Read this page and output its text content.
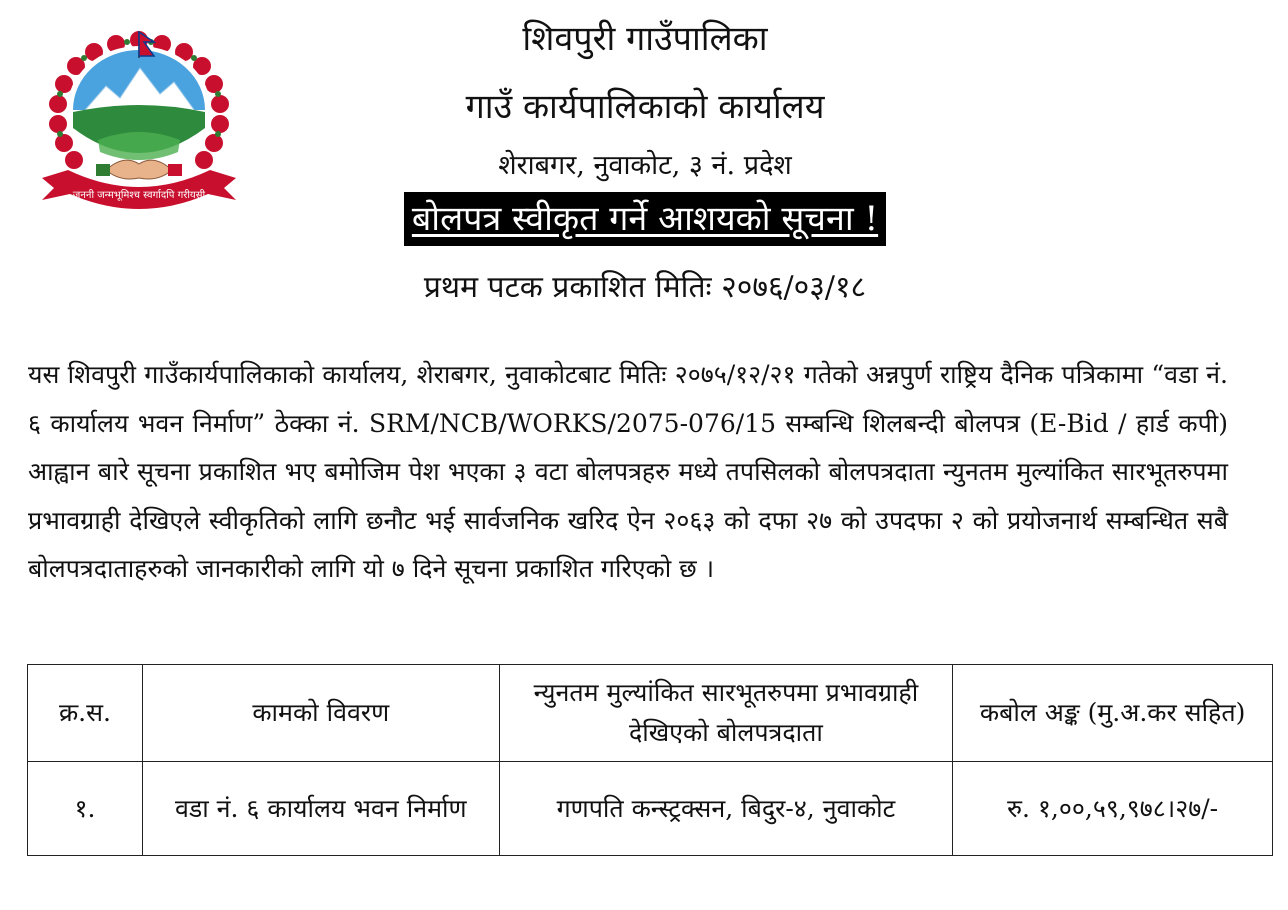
जननी जन्मभूमिश्च स्वर्गादपि गरीयसी
शिवपुरी गाउँपालिका
गाउँ कार्यपालिकाको कार्यालय
शेराबगर, नुवाकोट, ३ नं. प्रदेश
बोलपत्र स्वीकृत गर्ने आशयको सूचना !
प्रथम पटक प्रकाशित मितिः २०७६/०३/१८

यस शिवपुरी गाउँकार्यपालिकाको कार्यालय, शेराबगर, नुवाकोटबाट मितिः २०७५/१२/२१ गतेको अन्नपुर्ण राष्ट्रिय दैनिक पत्रिकामा “वडा नं. ६ कार्यालय भवन निर्माण” ठेक्का नं. SRM/NCB/WORKS/2075-076/15 सम्बन्धि शिलबन्दी बोलपत्र (E-Bid / हार्ड कपी) आह्वान बारे सूचना प्रकाशित भए बमोजिम पेश भएका ३ वटा बोलपत्रहरु मध्ये तपसिलको बोलपत्रदाता न्युनतम मुल्यांकित सारभूतरुपमा प्रभावग्राही देखिएले स्वीकृतिको लागि छनौट भई सार्वजनिक खरिद ऐन २०६३ को दफा २७ को उपदफा २ को प्रयोजनार्थ सम्बन्धित सबै बोलपत्रदाताहरुको जानकारीको लागि यो ७ दिने सूचना प्रकाशित गरिएको छ ।

क्र.स.	कामको विवरण	न्युनतम मुल्यांकित सारभूतरुपमा प्रभावग्राही देखिएको बोलपत्रदाता	कबोल अङ्क (मु.अ.कर सहित)
१.	वडा नं. ६ कार्यालय भवन निर्माण	गणपति कन्स्ट्रक्सन, बिदुर-४, नुवाकोट	रु. १,००,५९,९७८।२७/-
